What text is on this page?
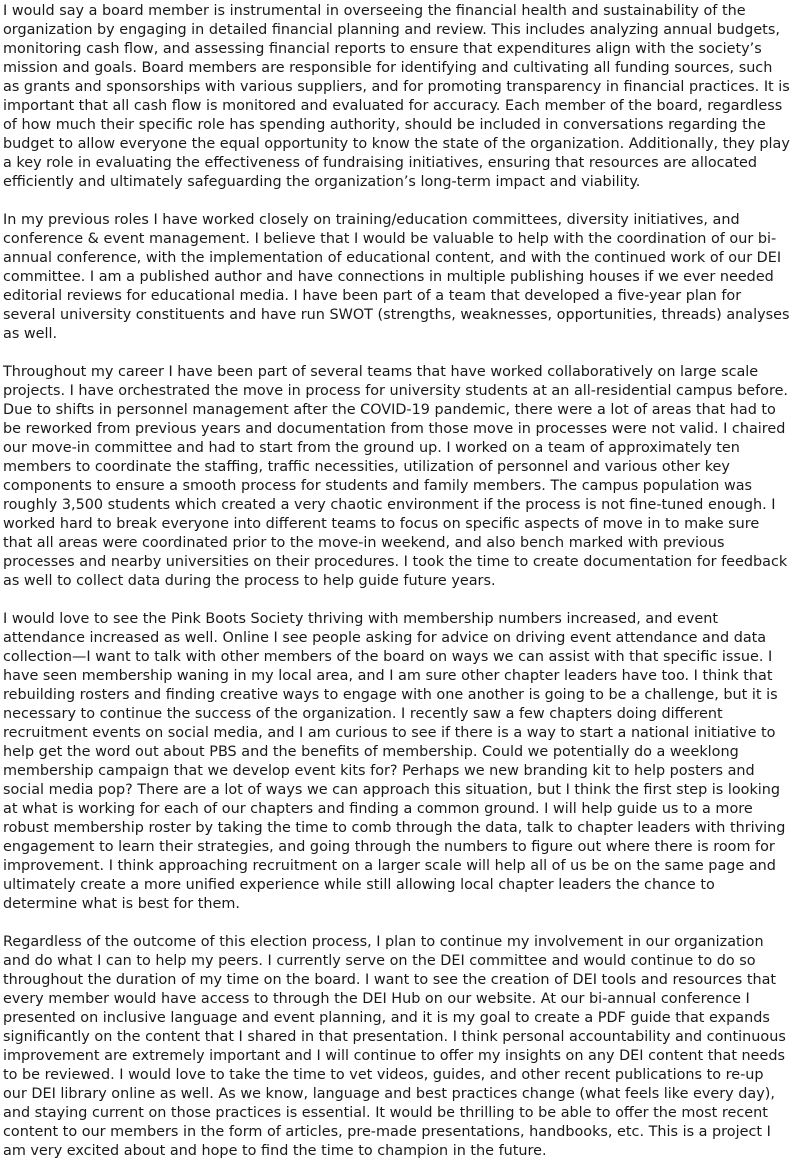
I would say a board member is instrumental in overseeing the financial health and sustainability of the organization by engaging in detailed financial planning and review. This includes analyzing annual budgets, monitoring cash flow, and assessing financial reports to ensure that expenditures align with the society’s mission and goals. Board members are responsible for identifying and cultivating all funding sources, such as grants and sponsorships with various suppliers, and for promoting transparency in financial practices. It is important that all cash flow is monitored and evaluated for accuracy. Each member of the board, regardless of how much their specific role has spending authority, should be included in conversations regarding the budget to allow everyone the equal opportunity to know the state of the organization. Additionally, they play a key role in evaluating the effectiveness of fundraising initiatives, ensuring that resources are allocated efficiently and ultimately safeguarding the organization’s long-term impact and viability.

In my previous roles I have worked closely on training/education committees, diversity initiatives, and conference & event management. I believe that I would be valuable to help with the coordination of our bi-annual conference, with the implementation of educational content, and with the continued work of our DEI committee. I am a published author and have connections in multiple publishing houses if we ever needed editorial reviews for educational media. I have been part of a team that developed a five-year plan for several university constituents and have run SWOT (strengths, weaknesses, opportunities, threads) analyses as well.

Throughout my career I have been part of several teams that have worked collaboratively on large scale projects. I have orchestrated the move in process for university students at an all-residential campus before. Due to shifts in personnel management after the COVID-19 pandemic, there were a lot of areas that had to be reworked from previous years and documentation from those move in processes were not valid. I chaired our move-in committee and had to start from the ground up. I worked on a team of approximately ten members to coordinate the staffing, traffic necessities, utilization of personnel and various other key components to ensure a smooth process for students and family members. The campus population was roughly 3,500 students which created a very chaotic environment if the process is not fine-tuned enough. I worked hard to break everyone into different teams to focus on specific aspects of move in to make sure that all areas were coordinated prior to the move-in weekend, and also bench marked with previous processes and nearby universities on their procedures. I took the time to create documentation for feedback as well to collect data during the process to help guide future years.

I would love to see the Pink Boots Society thriving with membership numbers increased, and event attendance increased as well. Online I see people asking for advice on driving event attendance and data collection—I want to talk with other members of the board on ways we can assist with that specific issue. I have seen membership waning in my local area, and I am sure other chapter leaders have too. I think that rebuilding rosters and finding creative ways to engage with one another is going to be a challenge, but it is necessary to continue the success of the organization. I recently saw a few chapters doing different recruitment events on social media, and I am curious to see if there is a way to start a national initiative to help get the word out about PBS and the benefits of membership. Could we potentially do a weeklong membership campaign that we develop event kits for? Perhaps we new branding kit to help posters and social media pop? There are a lot of ways we can approach this situation, but I think the first step is looking at what is working for each of our chapters and finding a common ground. I will help guide us to a more robust membership roster by taking the time to comb through the data, talk to chapter leaders with thriving engagement to learn their strategies, and going through the numbers to figure out where there is room for improvement. I think approaching recruitment on a larger scale will help all of us be on the same page and ultimately create a more unified experience while still allowing local chapter leaders the chance to determine what is best for them.

Regardless of the outcome of this election process, I plan to continue my involvement in our organization and do what I can to help my peers. I currently serve on the DEI committee and would continue to do so throughout the duration of my time on the board. I want to see the creation of DEI tools and resources that every member would have access to through the DEI Hub on our website. At our bi-annual conference I presented on inclusive language and event planning, and it is my goal to create a PDF guide that expands significantly on the content that I shared in that presentation. I think personal accountability and continuous improvement are extremely important and I will continue to offer my insights on any DEI content that needs to be reviewed. I would love to take the time to vet videos, guides, and other recent publications to re-up our DEI library online as well. As we know, language and best practices change (what feels like every day), and staying current on those practices is essential. It would be thrilling to be able to offer the most recent content to our members in the form of articles, pre-made presentations, handbooks, etc. This is a project I am very excited about and hope to find the time to champion in the future.
